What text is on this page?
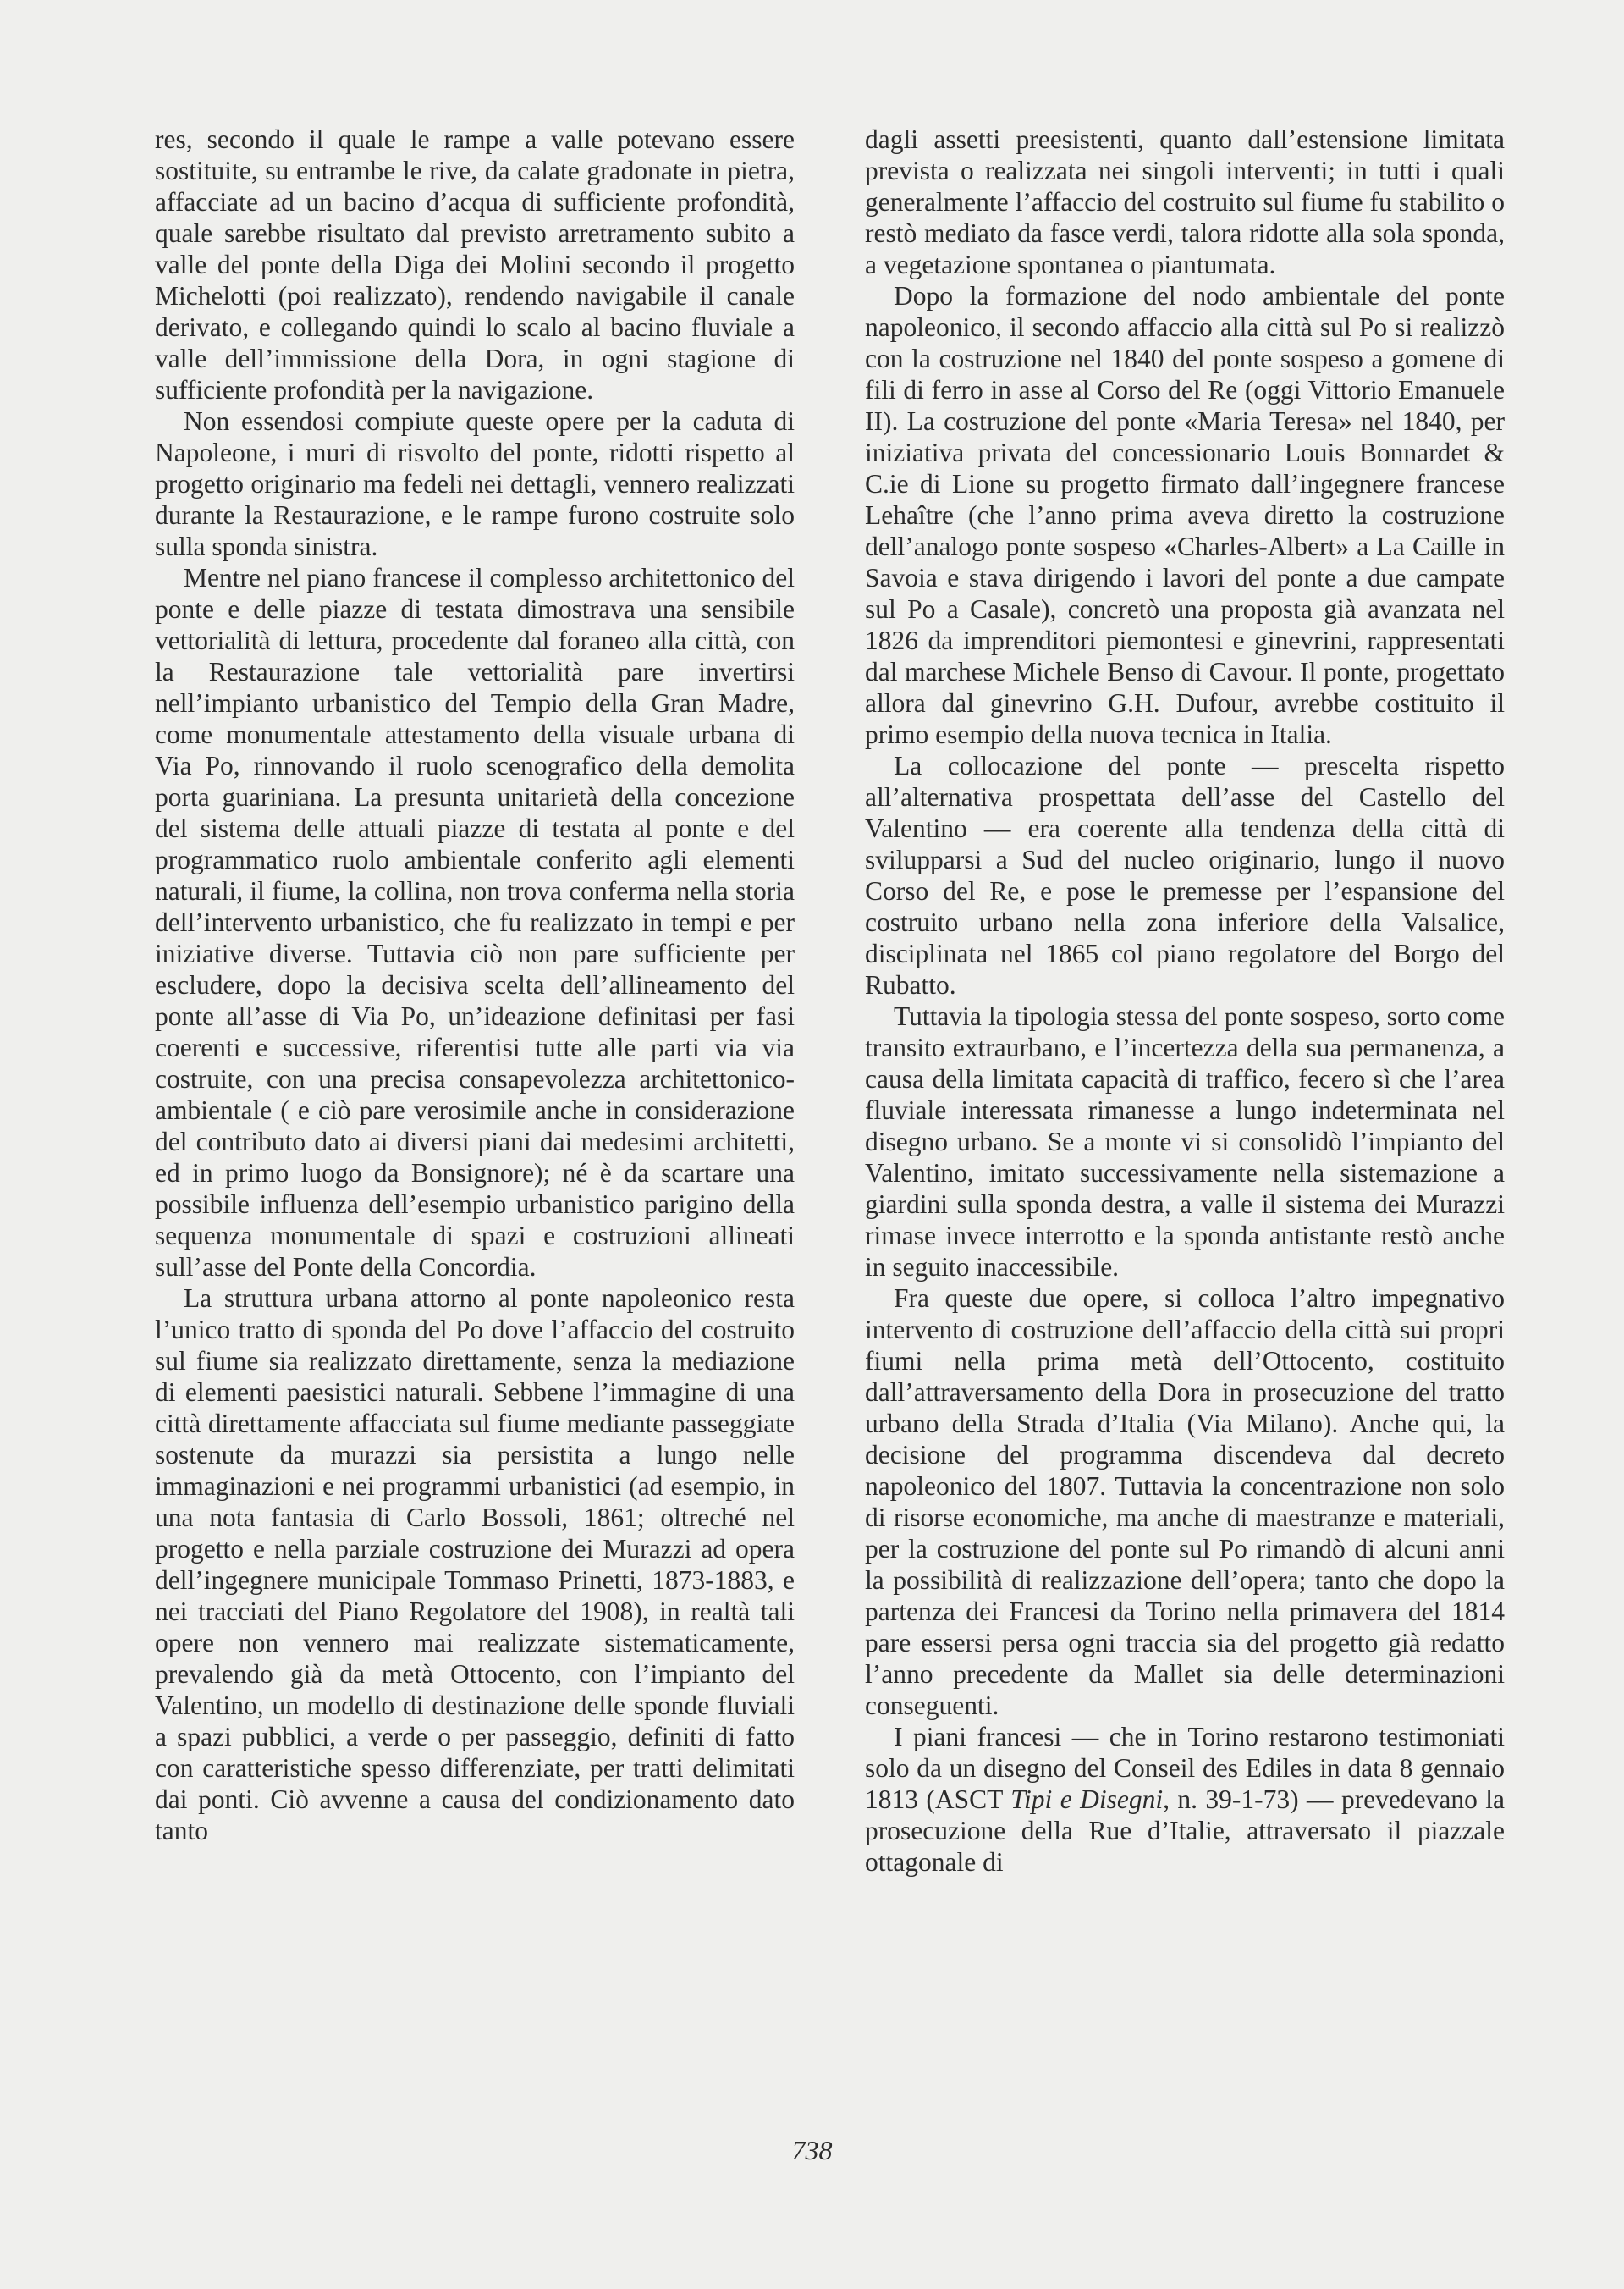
res, secondo il quale le rampe a valle potevano essere sostituite, su entrambe le rive, da calate gradonate in pietra, affacciate ad un bacino d’acqua di sufficiente profondità, quale sarebbe risultato dal previsto arretramento subito a valle del ponte della Diga dei Molini secondo il progetto Michelotti (poi realizzato), rendendo navigabile il canale derivato, e collegando quindi lo scalo al bacino fluviale a valle dell’immissione della Dora, in ogni stagione di sufficiente profondità per la navigazione.

Non essendosi compiute queste opere per la caduta di Napoleone, i muri di risvolto del ponte, ridotti rispetto al progetto originario ma fedeli nei dettagli, vennero realizzati durante la Restaurazione, e le rampe furono costruite solo sulla sponda sinistra.

Mentre nel piano francese il complesso architettonico del ponte e delle piazze di testata dimostrava una sensibile vettorialità di lettura, procedente dal foraneo alla città, con la Restaurazione tale vettorialità pare invertirsi nell’impianto urbanistico del Tempio della Gran Madre, come monumentale attestamento della visuale urbana di Via Po, rinnovando il ruolo scenografico della demolita porta guariniana. La presunta unitarietà della concezione del sistema delle attuali piazze di testata al ponte e del programmatico ruolo ambientale conferito agli elementi naturali, il fiume, la collina, non trova conferma nella storia dell’intervento urbanistico, che fu realizzato in tempi e per iniziative diverse. Tuttavia ciò non pare sufficiente per escludere, dopo la decisiva scelta dell’allineamento del ponte all’asse di Via Po, un’ideazione definitasi per fasi coerenti e successive, riferentisi tutte alle parti via via costruite, con una precisa consapevolezza architettonico-ambientale ( e ciò pare verosimile anche in considerazione del contributo dato ai diversi piani dai medesimi architetti, ed in primo luogo da Bonsignore); né è da scartare una possibile influenza dell’esempio urbanistico parigino della sequenza monumentale di spazi e costruzioni allineati sull’asse del Ponte della Concordia.

La struttura urbana attorno al ponte napoleonico resta l’unico tratto di sponda del Po dove l’affaccio del costruito sul fiume sia realizzato direttamente, senza la mediazione di elementi paesistici naturali. Sebbene l’immagine di una città direttamente affacciata sul fiume mediante passeggiate sostenute da murazzi sia persistita a lungo nelle immaginazioni e nei programmi urbanistici (ad esempio, in una nota fantasia di Carlo Bossoli, 1861; oltreché nel progetto e nella parziale costruzione dei Murazzi ad opera dell’ingegnere municipale Tommaso Prinetti, 1873-1883, e nei tracciati del Piano Regolatore del 1908), in realtà tali opere non vennero mai realizzate sistematicamente, prevalendo già da metà Ottocento, con l’impianto del Valentino, un modello di destinazione delle sponde fluviali a spazi pubblici, a verde o per passeggio, definiti di fatto con caratteristiche spesso differenziate, per tratti delimitati dai ponti. Ciò avvenne a causa del condizionamento dato tanto

dagli assetti preesistenti, quanto dall’estensione limitata prevista o realizzata nei singoli interventi; in tutti i quali generalmente l’affaccio del costruito sul fiume fu stabilito o restò mediato da fasce verdi, talora ridotte alla sola sponda, a vegetazione spontanea o piantumata.

Dopo la formazione del nodo ambientale del ponte napoleonico, il secondo affaccio alla città sul Po si realizzò con la costruzione nel 1840 del ponte sospeso a gomene di fili di ferro in asse al Corso del Re (oggi Vittorio Emanuele II). La costruzione del ponte «Maria Teresa» nel 1840, per iniziativa privata del concessionario Louis Bonnardet & C.ie di Lione su progetto firmato dall’ingegnere francese Lehaître (che l’anno prima aveva diretto la costruzione dell’analogo ponte sospeso «Charles-Albert» a La Caille in Savoia e stava dirigendo i lavori del ponte a due campate sul Po a Casale), concretò una proposta già avanzata nel 1826 da imprenditori piemontesi e ginevrini, rappresentati dal marchese Michele Benso di Cavour. Il ponte, progettato allora dal ginevrino G.H. Dufour, avrebbe costituito il primo esempio della nuova tecnica in Italia.

La collocazione del ponte — prescelta rispetto all’alternativa prospettata dell’asse del Castello del Valentino — era coerente alla tendenza della città di svilupparsi a Sud del nucleo originario, lungo il nuovo Corso del Re, e pose le premesse per l’espansione del costruito urbano nella zona inferiore della Valsalice, disciplinata nel 1865 col piano regolatore del Borgo del Rubatto.

Tuttavia la tipologia stessa del ponte sospeso, sorto come transito extraurbano, e l’incertezza della sua permanenza, a causa della limitata capacità di traffico, fecero sì che l’area fluviale interessata rimanesse a lungo indeterminata nel disegno urbano. Se a monte vi si consolidò l’impianto del Valentino, imitato successivamente nella sistemazione a giardini sulla sponda destra, a valle il sistema dei Murazzi rimase invece interrotto e la sponda antistante restò anche in seguito inaccessibile.

Fra queste due opere, si colloca l’altro impegnativo intervento di costruzione dell’affaccio della città sui propri fiumi nella prima metà dell’Ottocento, costituito dall’attraversamento della Dora in prosecuzione del tratto urbano della Strada d’Italia (Via Milano). Anche qui, la decisione del programma discendeva dal decreto napoleonico del 1807. Tuttavia la concentrazione non solo di risorse economiche, ma anche di maestranze e materiali, per la costruzione del ponte sul Po rimandò di alcuni anni la possibilità di realizzazione dell’opera; tanto che dopo la partenza dei Francesi da Torino nella primavera del 1814 pare essersi persa ogni traccia sia del progetto già redatto l’anno precedente da Mallet sia delle determinazioni conseguenti.

I piani francesi — che in Torino restarono testimoniati solo da un disegno del Conseil des Ediles in data 8 gennaio 1813 (ASCT Tipi e Disegni, n. 39-1-73) — prevedevano la prosecuzione della Rue d’Italie, attraversato il piazzale ottagonale di

738
